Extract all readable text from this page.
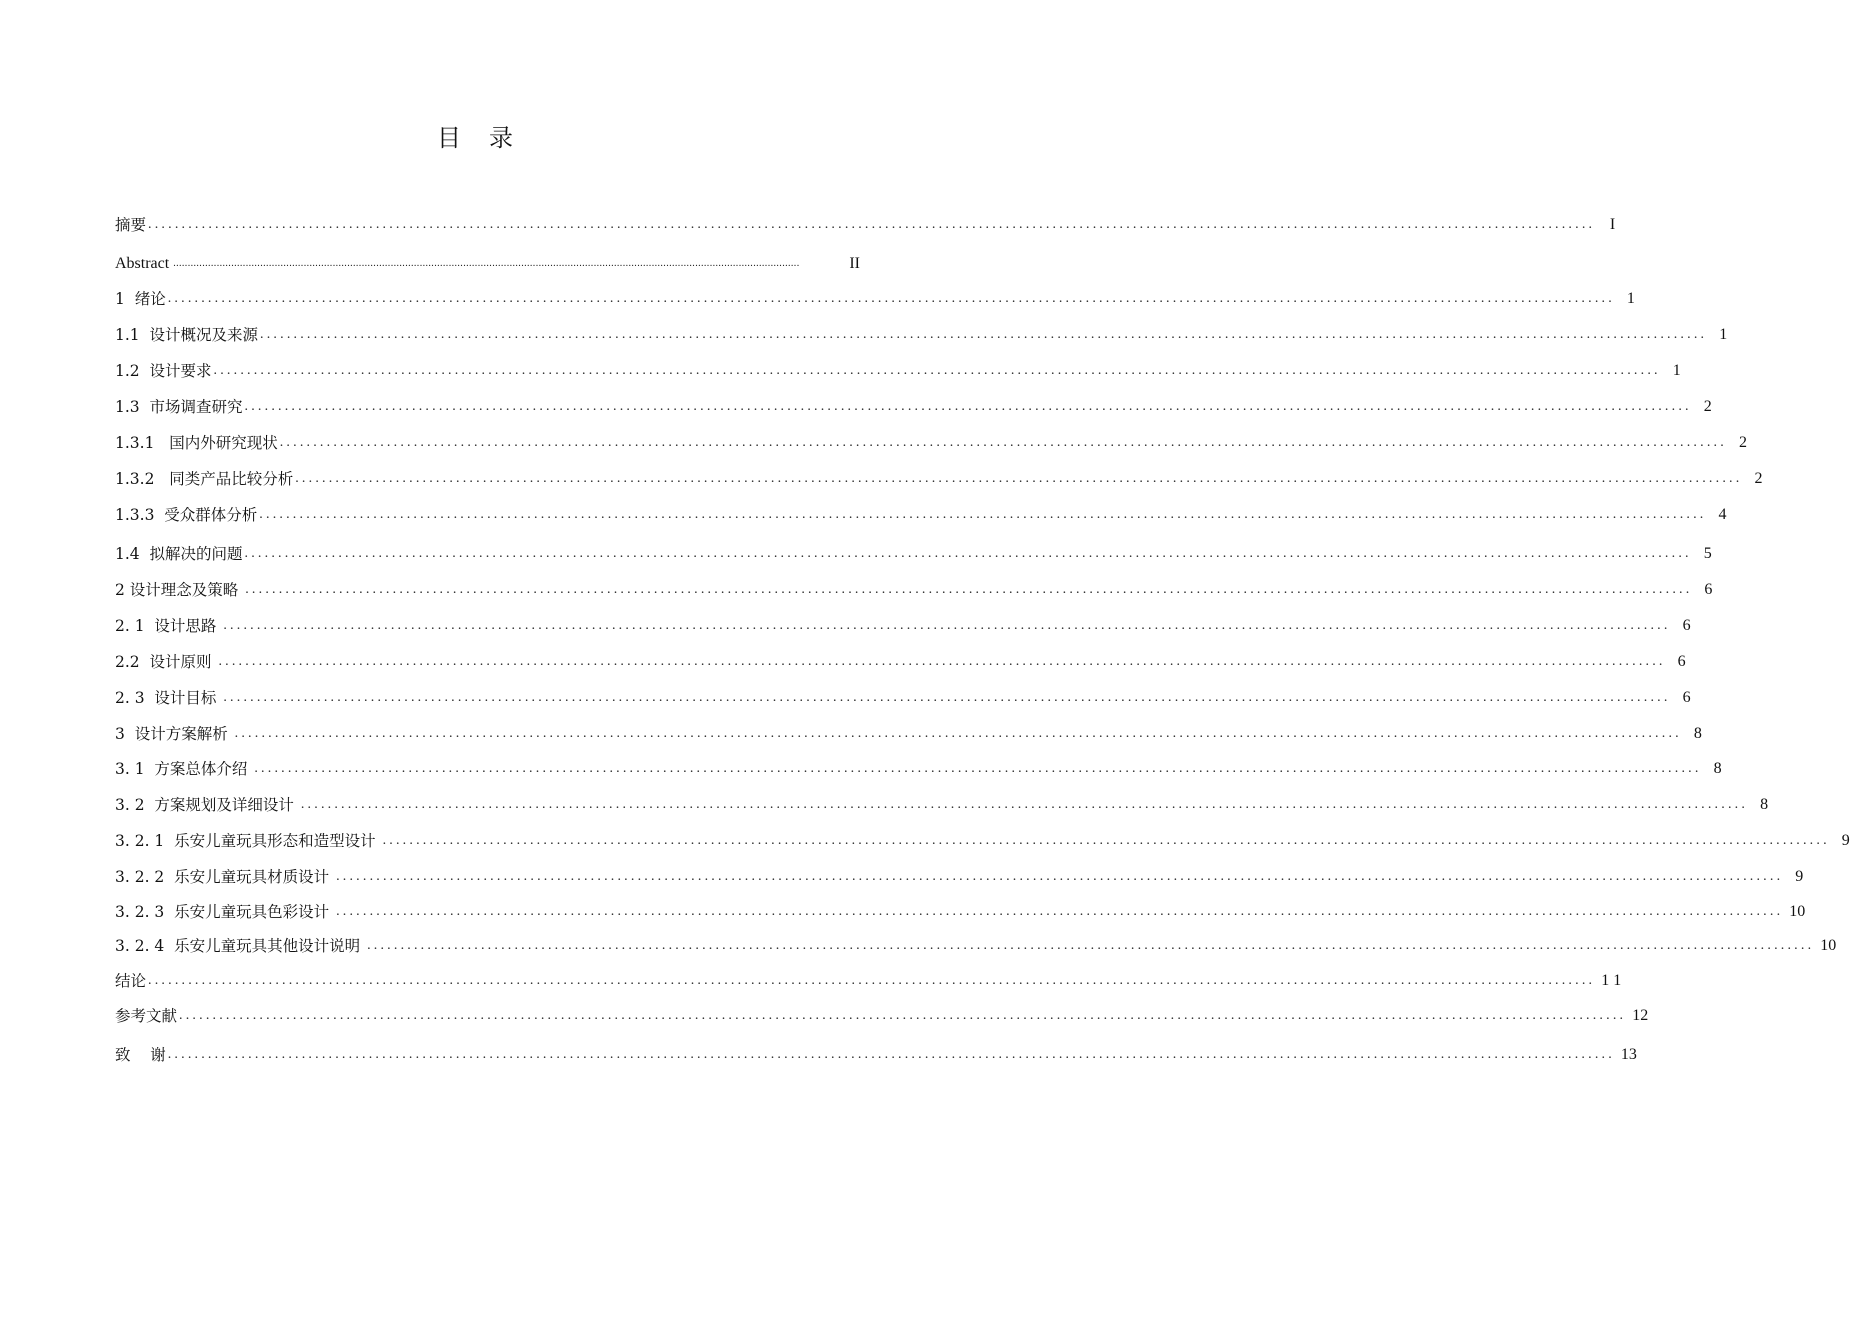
目 录
摘要 ........................................................................................................................................................................................................................ I
Abstract ........................................................................................................................................................................................................................	II
1  绪论 ........................................................................................................................................................................................................................ 1
1.1  设计概况及来源 ........................................................................................................................................................................................................................ 1
1.2  设计要求 ........................................................................................................................................................................................................................ 1
1.3  市场调查研究 ........................................................................................................................................................................................................................ 2
1.3.1   国内外研究现状 ........................................................................................................................................................................................................................ 2
1.3.2   同类产品比较分析 ........................................................................................................................................................................................................................ 2
1.3.3  受众群体分析 ........................................................................................................................................................................................................................ 4
1.4  拟解决的问题 ........................................................................................................................................................................................................................ 5
2 设计理念及策略 ........................................................................................................................................................................................................................ 6
2. 1  设计思路 ........................................................................................................................................................................................................................ 6
2.2  设计原则 ........................................................................................................................................................................................................................ 6
2. 3  设计目标 ........................................................................................................................................................................................................................ 6
3  设计方案解析 ........................................................................................................................................................................................................................ 8
3. 1  方案总体介绍 ........................................................................................................................................................................................................................ 8
3. 2  方案规划及详细设计 ........................................................................................................................................................................................................................ 8
3. 2. 1  乐安儿童玩具形态和造型设计 ........................................................................................................................................................................................................................ 9
3. 2. 2  乐安儿童玩具材质设计 ........................................................................................................................................................................................................................ 9
3. 2. 3  乐安儿童玩具色彩设计 ........................................................................................................................................................................................................................ 10
3. 2. 4  乐安儿童玩具其他设计说明 ........................................................................................................................................................................................................................ 10
结论 ........................................................................................................................................................................................................................ 1 1
参考文献 ........................................................................................................................................................................................................................ 12
致    谢 ........................................................................................................................................................................................................................ 13
